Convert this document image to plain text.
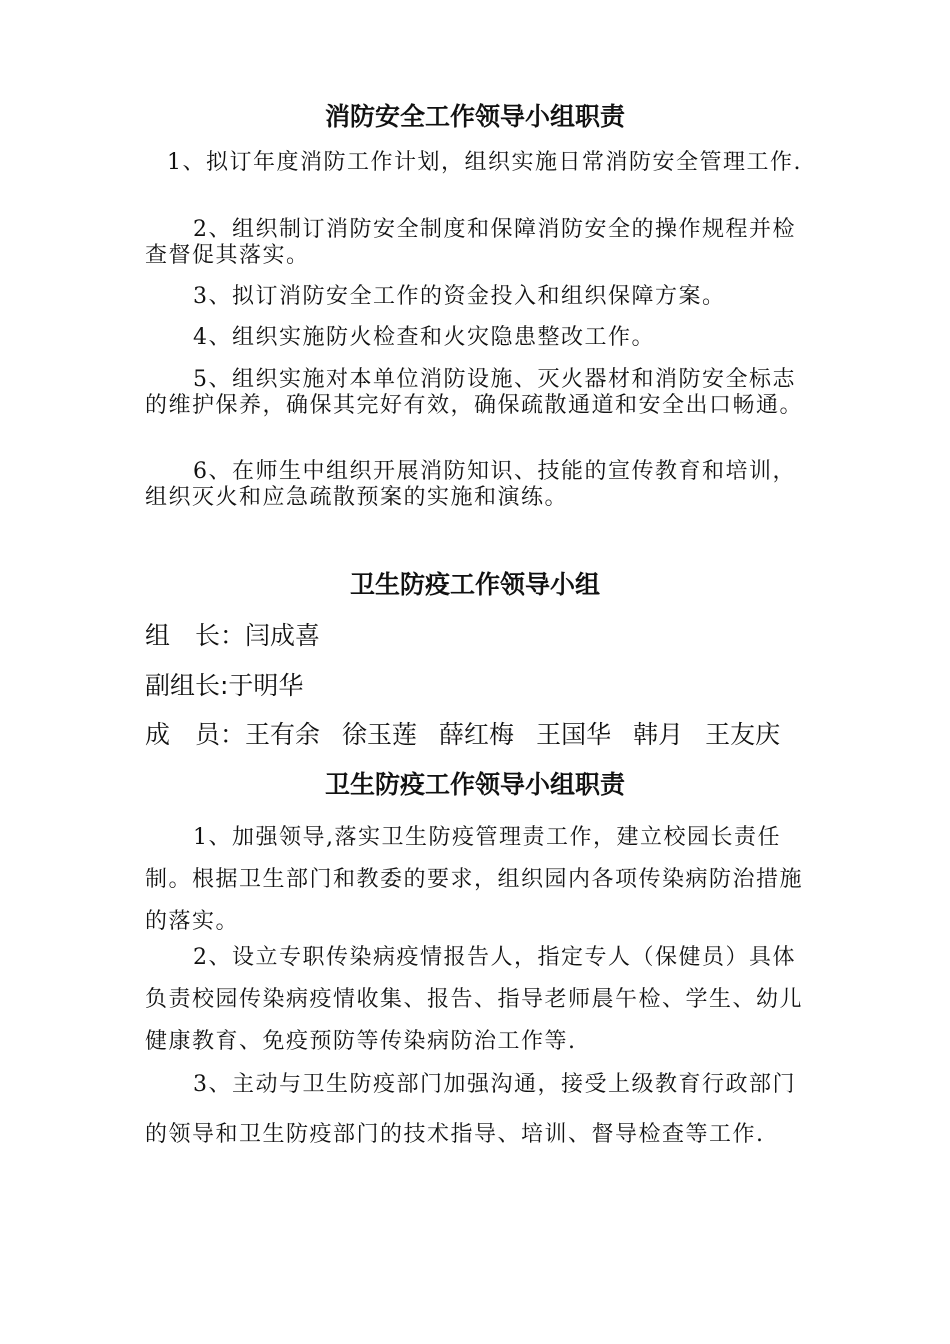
消防安全工作领导小组职责

1、拟订年度消防工作计划，组织实施日常消防安全管理工作.

2、组织制订消防安全制度和保障消防安全的操作规程并检查督促其落实。

3、拟订消防安全工作的资金投入和组织保障方案。

4、组织实施防火检查和火灾隐患整改工作。

5、组织实施对本单位消防设施、灭火器材和消防安全标志的维护保养，确保其完好有效，确保疏散通道和安全出口畅通。

6、在师生中组织开展消防知识、技能的宣传教育和培训，组织灭火和应急疏散预案的实施和演练。

卫生防疫工作领导小组
组　长：闫成喜
副组长:于明华
成　员：王有余 徐玉莲 薛红梅 王国华 韩月 王友庆
卫生防疫工作领导小组职责

1、加强领导,落实卫生防疫管理责工作，建立校园长责任制。根据卫生部门和教委的要求，组织园内各项传染病防治措施的落实。

2、设立专职传染病疫情报告人，指定专人（保健员）具体负责校园传染病疫情收集、报告、指导老师晨午检、学生、幼儿健康教育、免疫预防等传染病防治工作等.

3、主动与卫生防疫部门加强沟通，接受上级教育行政部门的领导和卫生防疫部门的技术指导、培训、督导检查等工作.
